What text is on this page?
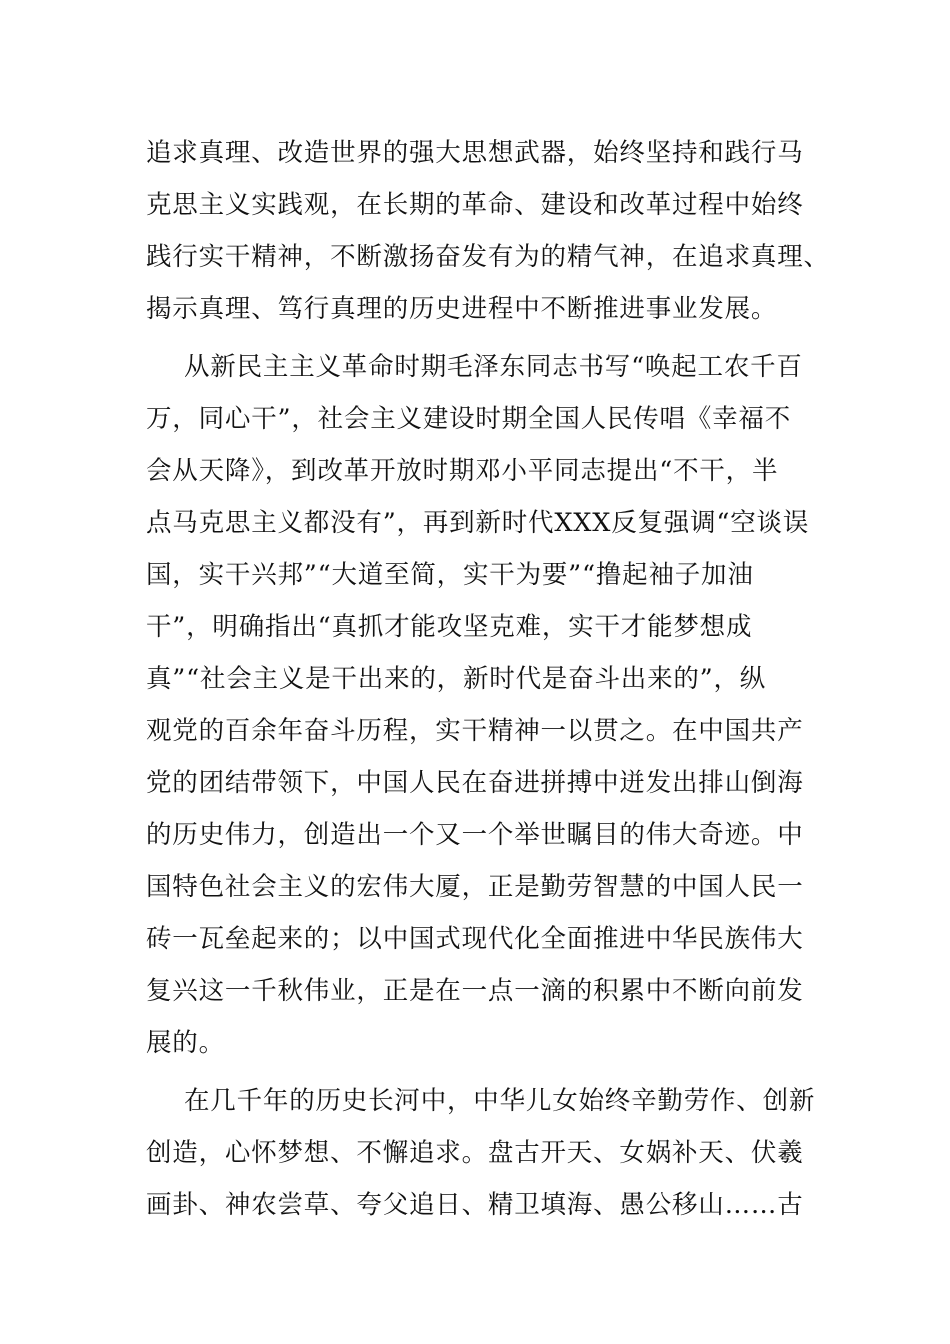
追求真理、改造世界的强大思想武器，始终坚持和践行马
克思主义实践观，在长期的革命、建设和改革过程中始终
践行实干精神，不断激扬奋发有为的精气神，在追求真理、
揭示真理、笃行真理的历史进程中不断推进事业发展。
从新民主主义革命时期毛泽东同志书写“唤起工农千百
万，同心干”，社会主义建设时期全国人民传唱《幸福不
会从天降》，到改革开放时期邓小平同志提出“不干，半
点马克思主义都没有”，再到新时代XXX反复强调“空谈误
国，实干兴邦”“大道至简，实干为要”“撸起袖子加油
干”，明确指出“真抓才能攻坚克难，实干才能梦想成
真”“社会主义是干出来的，新时代是奋斗出来的”，纵
观党的百余年奋斗历程，实干精神一以贯之。在中国共产
党的团结带领下，中国人民在奋进拼搏中迸发出排山倒海
的历史伟力，创造出一个又一个举世瞩目的伟大奇迹。中
国特色社会主义的宏伟大厦，正是勤劳智慧的中国人民一
砖一瓦垒起来的；以中国式现代化全面推进中华民族伟大
复兴这一千秋伟业，正是在一点一滴的积累中不断向前发
展的。
在几千年的历史长河中，中华儿女始终辛勤劳作、创新
创造，心怀梦想、不懈追求。盘古开天、女娲补天、伏羲
画卦、神农尝草、夸父追日、精卫填海、愚公移山……古
